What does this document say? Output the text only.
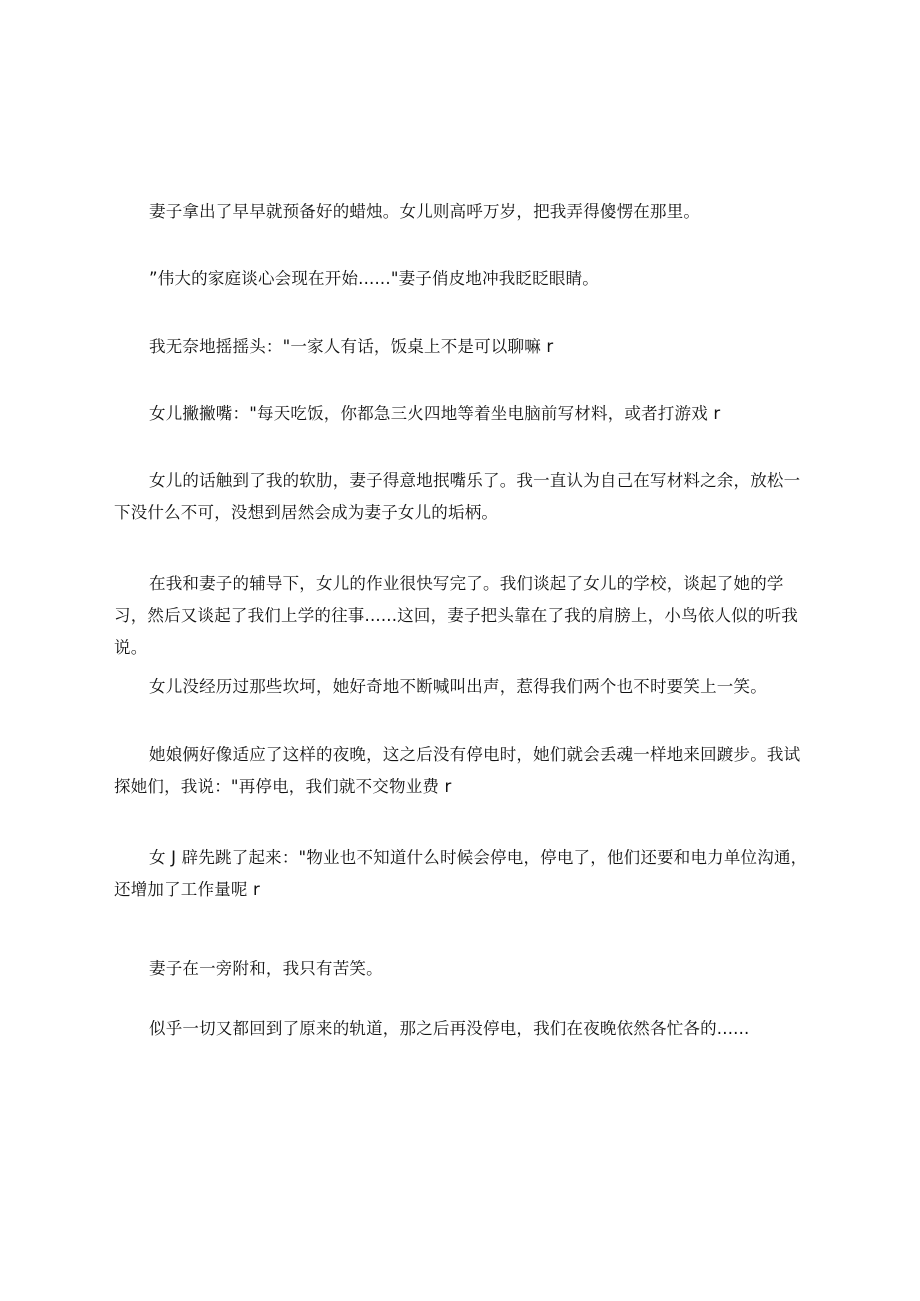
妻子拿出了早早就预备好的蜡烛。女儿则高呼万岁，把我弄得傻愣在那里。

”伟大的家庭谈心会现在开始......"妻子俏皮地冲我眨眨眼睛。

我无奈地摇摇头："一家人有话，饭桌上不是可以聊嘛 r

女儿撇撇嘴："每天吃饭，你都急三火四地等着坐电脑前写材料，或者打游戏 r

女儿的话触到了我的软肋，妻子得意地抿嘴乐了。我一直认为自己在写材料之余，放松一下没什么不可，没想到居然会成为妻子女儿的垢柄。

在我和妻子的辅导下，女儿的作业很快写完了。我们谈起了女儿的学校，谈起了她的学习，然后又谈起了我们上学的往事......这回，妻子把头靠在了我的肩膀上，小鸟依人似的听我说。

女儿没经历过那些坎坷，她好奇地不断喊叫出声，惹得我们两个也不时要笑上一笑。

她娘俩好像适应了这样的夜晚，这之后没有停电时，她们就会丢魂一样地来回踱步。我试探她们，我说："再停电，我们就不交物业费 r

女 J 辟先跳了起来："物业也不知道什么时候会停电，停电了，他们还要和电力单位沟通，还增加了工作量呢 r

妻子在一旁附和，我只有苦笑。

似乎一切又都回到了原来的轨道，那之后再没停电，我们在夜晚依然各忙各的......
